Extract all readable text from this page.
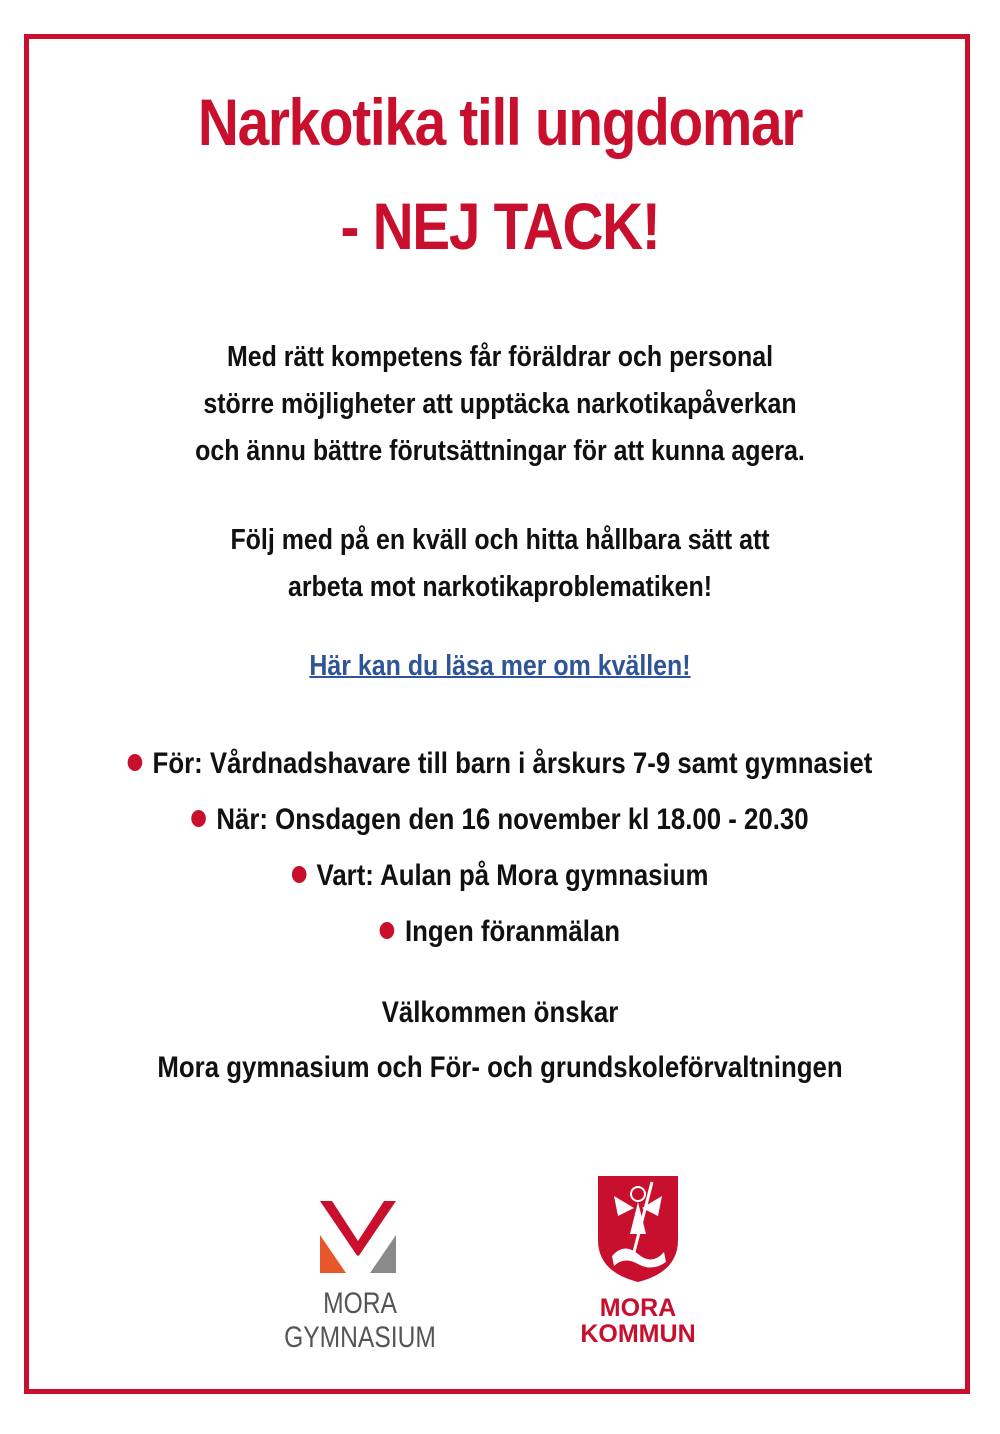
Narkotika till ungdomar
- NEJ TACK!

Med rätt kompetens får föräldrar och personal
större möjligheter att upptäcka narkotikapåverkan
och ännu bättre förutsättningar för att kunna agera.

Följ med på en kväll och hitta hållbara sätt att
arbeta mot narkotikaproblematiken!

Här kan du läsa mer om kvällen!
För: Vårdnadshavare till barn i årskurs 7-9 samt gymnasiet
När: Onsdagen den 16 november kl 18.00 - 20.30
Vart: Aulan på Mora gymnasium
Ingen föranmälan

Välkommen önskar

Mora gymnasium och För- och grundskoleförvaltningen

MORA GYMNASIUM
MORA
KOMMUN
